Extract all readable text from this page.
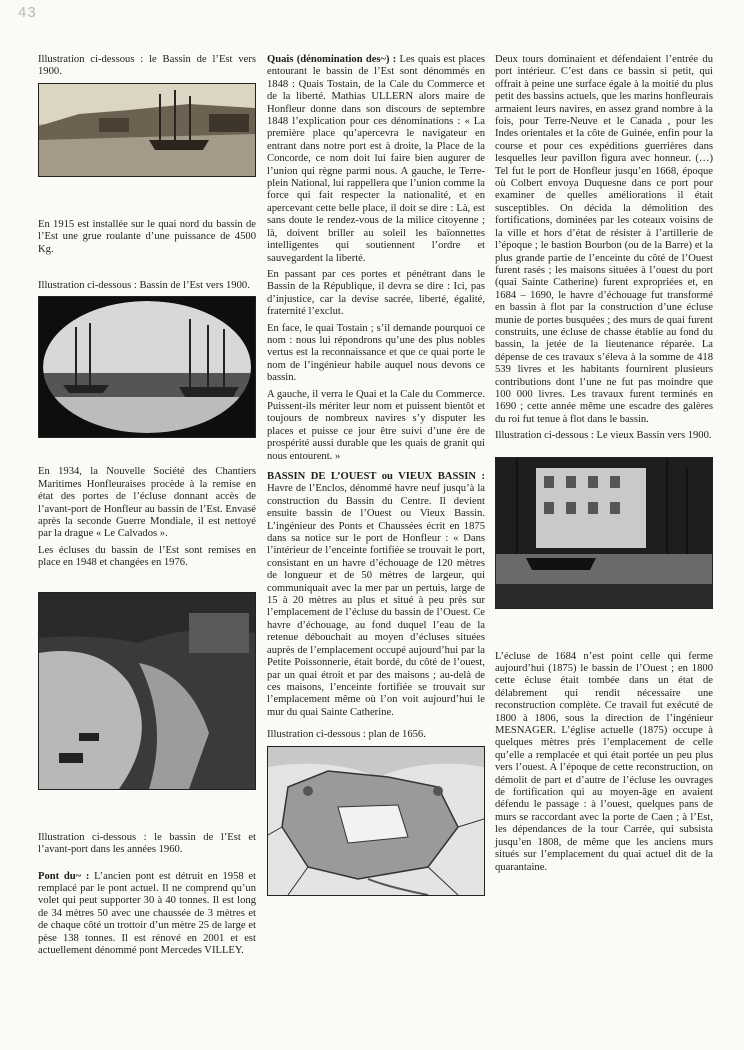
43

Illustration ci-dessous : le Bassin de l’Est vers 1900.

En 1915 est installée sur le quai nord du bassin de l’Est une grue roulante d’une puissance de 4500 Kg.

Illustration ci-dessous : Bassin de l’Est vers 1900.

En 1934, la Nouvelle Société des Chantiers Maritimes Honfleuraises procède à la remise en état des portes de l’écluse donnant accès de l’avant-port de Honfleur au bassin de l’Est. Envasé après la seconde Guerre Mondiale, il est nettoyé par la drague « Le Calvados ».

Les écluses du bassin de l’Est sont remises en place en 1948 et changées en 1976.

Illustration ci-dessous : le bassin de l’Est et l’avant-port dans les années 1960.

Pont du~ : L’ancien pont est détruit en 1958 et remplacé par le pont actuel. Il ne comprend qu’un volet qui peut supporter 30 à 40 tonnes. Il est long de 34 mètres 50 avec une chaussée de 3 mètres et de chaque côté un trottoir d’un mètre 25 de large et pèse 138 tonnes. Il est rénové en 2001 et est actuellement dénommé pont Mercedes VILLEY.

Quais (dénomination des~) : Les quais est places entourant le bassin de l’Est sont dénommés en 1848 : Quais Tostain, de la Cale du Commerce et de la liberté. Mathias ULLERN alors maire de Honfleur donne dans son discours de septembre 1848 l’explication pour ces dénominations : « La première place qu’apercevra le navigateur en entrant dans notre port est à droite, la Place de la Concorde, ce nom doit lui faire bien augurer de l’union qui règne parmi nous. A gauche, le Terre-plein National, lui rappellera que l’union comme la force qui fait respecter la nationalité, et en apercevant cette belle place, il doit se dire : Là, est sans doute le rendez-vous de la milice citoyenne ; là, doivent briller au soleil les baïonnettes intelligentes qui soutiennent l’ordre et sauvegardent la liberté.

En passant par ces portes et pénétrant dans le Bassin de la République, il devra se dire : Ici, pas d’injustice, car la devise sacrée, liberté, égalité, fraternité l’exclut.

En face, le quai Tostain ; s’il demande pourquoi ce nom : nous lui répondrons qu’une des plus nobles vertus est la reconnaissance et que ce quai porte le nom de l’ingénieur habile auquel nous devons ce bassin.

A gauche, il verra le Quai et la Cale du Commerce. Puissent-ils mériter leur nom et puissent bientôt et toujours de nombreux navires s’y disputer les places et puisse ce jour être suivi d’une ère de prospérité aussi durable que les quais de granit qui nous entourent. »

BASSIN DE L’OUEST ou VIEUX BASSIN : Havre de l’Enclos, dénommé havre neuf jusqu’à la construction du Bassin du Centre. Il devient ensuite bassin de l’Ouest ou Vieux Bassin. L’ingénieur des Ponts et Chaussées écrit en 1875 dans sa notice sur le port de Honfleur : « Dans l’intérieur de l’enceinte fortifiée se trouvait le port, consistant en un havre d’échouage de 120 mètres de longueur et de 50 mètres de largeur, qui communiquait avec la mer par un pertuis, large de 15 à 20 mètres au plus et situé à peu près sur l’emplacement de l’écluse du bassin de l’Ouest. Ce havre d’échouage, au fond duquel l’eau de la retenue débouchait au moyen d’écluses situées auprès de l’emplacement occupé aujourd’hui par la Petite Poissonnerie, était bordé, du côté de l’ouest, par un quai étroit et par des maisons ; au-delà de ces maisons, l’enceinte fortifiée se trouvait sur l’emplacement même où l’on voit aujourd’hui le mur du quai Sainte Catherine.

Illustration ci-dessous : plan de 1656.

Deux tours dominaient et défendaient l’entrée du port intérieur. C’est dans ce bassin si petit, qui offrait à peine une surface égale à la moitié du plus petit des bassins actuels, que les marins honfleurais armaient leurs navires, en assez grand nombre à la fois, pour Terre-Neuve et le Canada , pour les Indes orientales et la côte de Guinée, enfin pour la course et pour ces expéditions guerrières dans lesquelles leur pavillon figura avec honneur. (…) Tel fut le port de Honfleur jusqu’en 1668, époque où Colbert envoya Duquesne dans ce port pour examiner de quelles améliorations il était susceptibles. On décida la démolition des fortifications, dominées par les coteaux voisins de la ville et hors d’état de résister à l’artillerie de l’époque ; le bastion Bourbon (ou de la Barre) et la plus grande partie de l’enceinte du côté de l’Ouest furent rasés ; les maisons situées à l’ouest du port (quai Sainte Catherine) furent expropriées et, en 1684 – 1690, le havre d’échouage fut transformé en bassin à flot par la construction d’une écluse munie de portes busquées ; des murs de quai furent construits, une écluse de chasse établie au fond du bassin, la jetée de la lieutenance réparée. La dépense de ces travaux s’éleva à la somme de 418 539 livres et les habitants fournirent plusieurs contributions dont l’une ne fut pas moindre que 100 000 livres. Les travaux furent terminés en 1690 ; cette année même une escadre des galères du roi fut tenue à flot dans le bassin.

Illustration ci-dessous : Le vieux Bassin vers 1900.

L’écluse de 1684 n’est point celle qui ferme aujourd’hui (1875) le bassin de l’Ouest ; en 1800 cette écluse était tombée dans un état de délabrement qui rendit nécessaire une reconstruction complète. Ce travail fut exécuté de 1800 à 1806, sous la direction de l’ingénieur MESNAGER. L’église actuelle (1875) occupe à quelques mètres près l’emplacement de celle qu’elle a remplacée et qui était portée un peu plus vers l’ouest. A l’époque de cette reconstruction, on démolit de part et d’autre de l’écluse les ouvrages de fortification qui au moyen-âge en avaient défendu le passage : à l’ouest, quelques pans de murs se raccordant avec la porte de Caen ; à l’Est, les dépendances de la tour Carrée, qui subsista jusqu’en 1808, de même que les anciens murs situés sur l’emplacement du quai actuel dit de la quarantaine.
